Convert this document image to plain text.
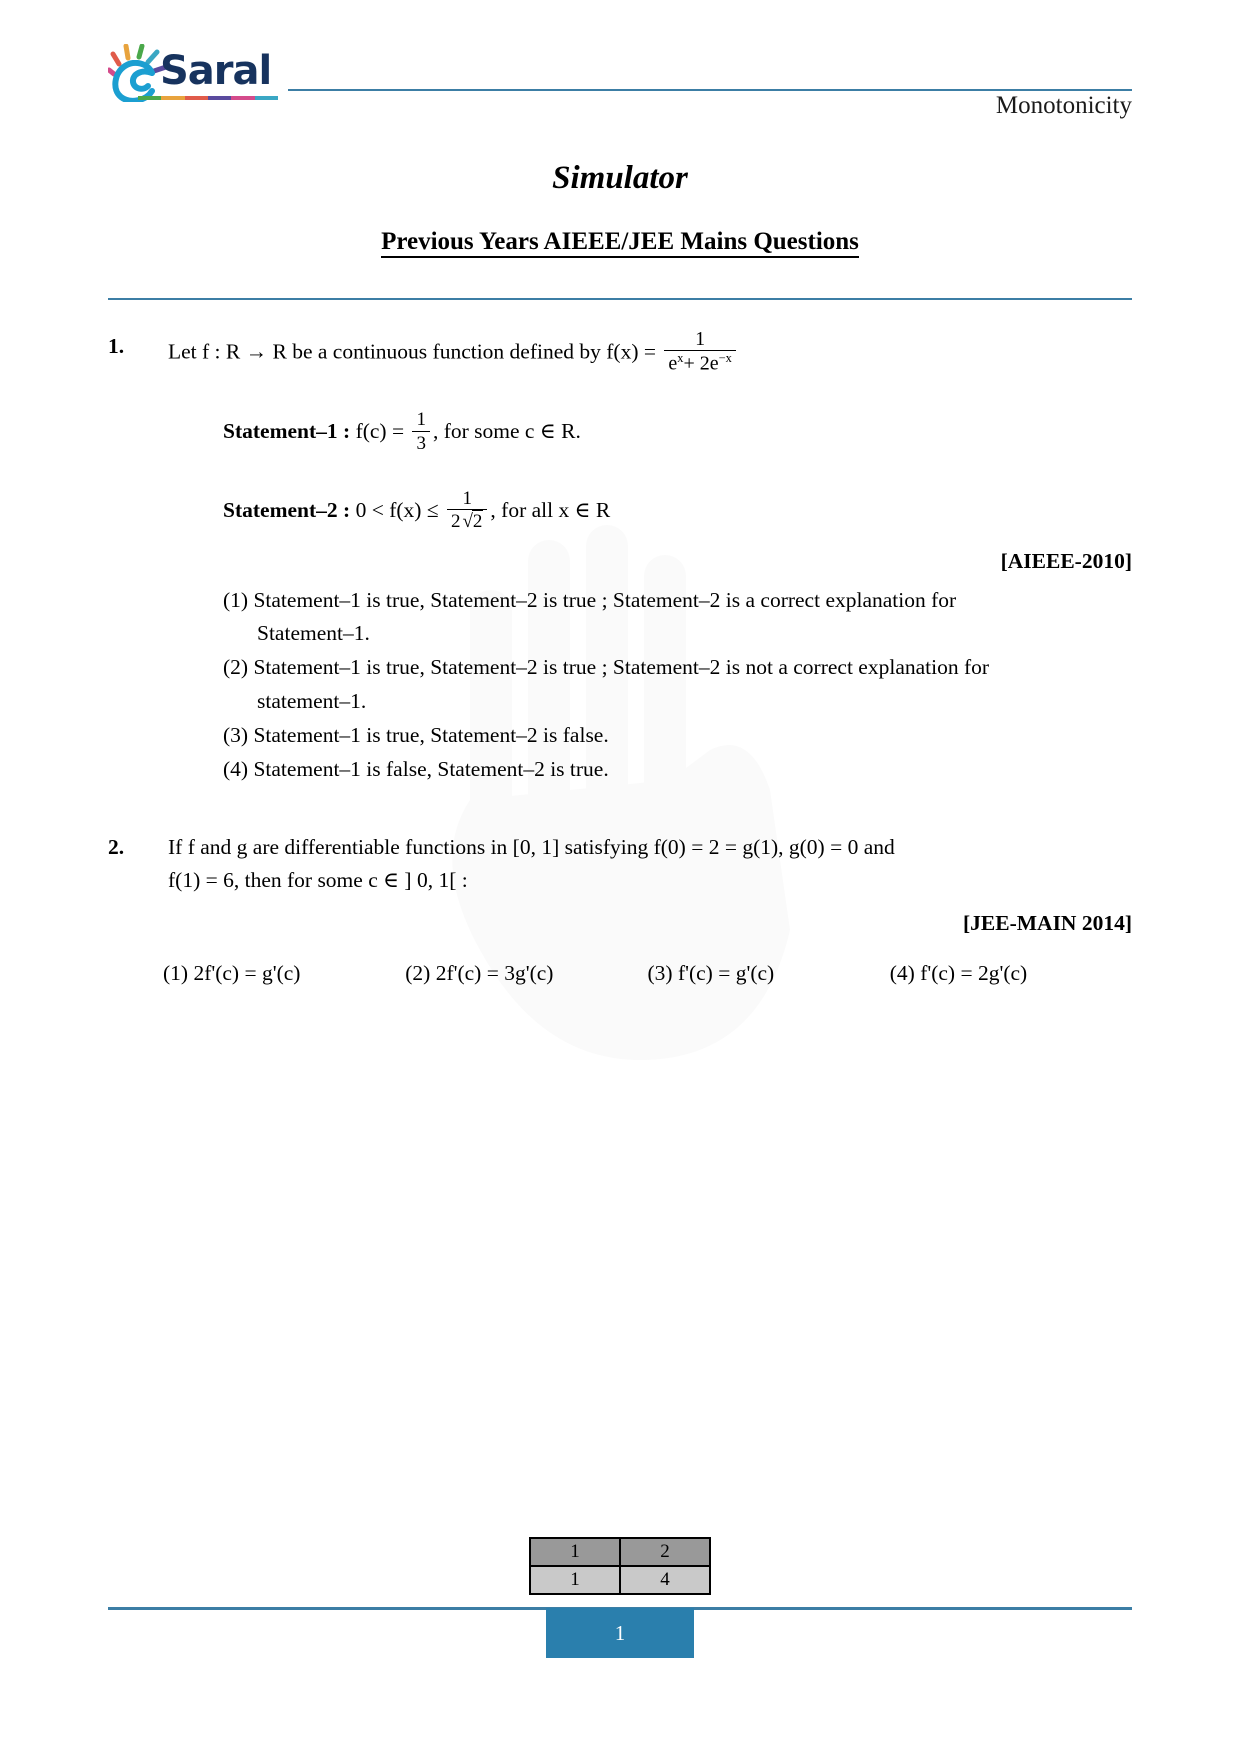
Saral
Monotonicity
Simulator
Previous Years AIEEE/JEE Mains Questions
1.	Let f : R → R be a continuous function defined by $f(x) = \frac{1}{e^x+ 2e^{-x}}$
Statement–1 : $f(c) = \frac{1}{3}$ , for some c ∈ R.
Statement–2 : $0 < f(x) \le \frac{1}{2 √2}$ , for all x ∈ R
[AIEEE-2010]
(1) Statement–1 is true, Statement–2 is true ; Statement–2 is a correct explanation for
Statement–1.
(2) Statement–1 is true, Statement–2 is true ; Statement–2 is not a correct explanation for
statement–1.
(3) Statement–1 is true, Statement–2 is false.
(4) Statement–1 is false, Statement–2 is true.
2.	If f and g are differentiable functions in [0, 1] satisfying f(0) = 2 = g(1), g(0) = 0 and
f(1) = 6, then for some c ∈ ] 0, 1[ :
[JEE-MAIN 2014]
(1) 2f'(c) = g'(c)	(2) 2f'(c) = 3g'(c)	(3) f'(c) = g'(c)	(4) f'(c) = 2g'(c)
1	2
1	4
1
